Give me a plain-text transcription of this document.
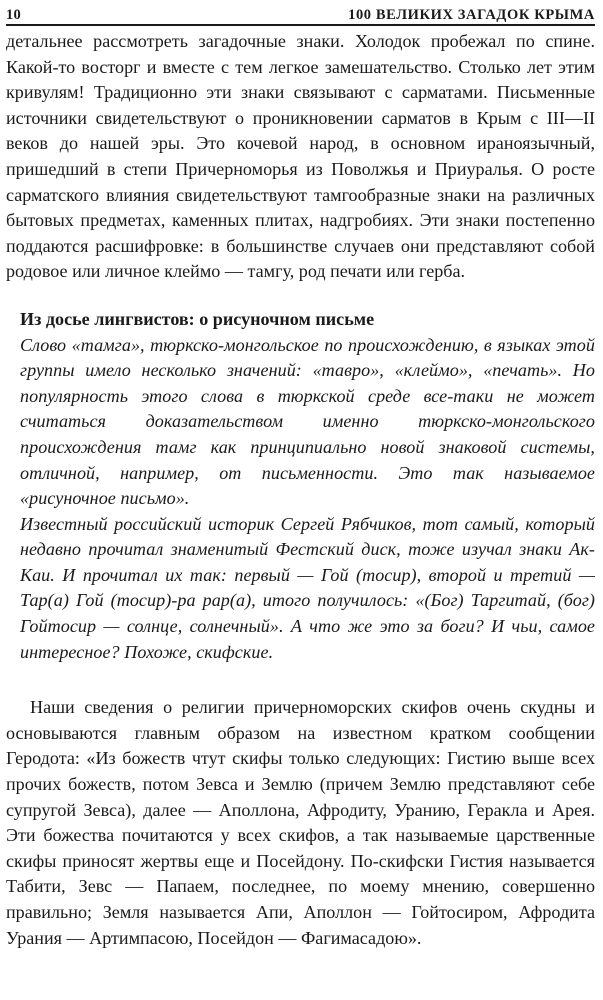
10	100 ВЕЛИКИХ ЗАГАДОК КРЫМА

детальнее рассмотреть загадочные знаки. Холодок пробежал по спине. Какой-то восторг и вместе с тем легкое замешательство. Столько лет этим кривулям! Традиционно эти знаки связывают с сарматами. Письменные источники свидетельствуют о проникновении сарматов в Крым с III—II веков до нашей эры. Это кочевой народ, в основном ираноязычный, пришедший в степи Причерноморья из Поволжья и Приуралья. О росте сарматского влияния свидетельствуют тамгообразные знаки на различных бытовых предметах, каменных плитах, надгробиях. Эти знаки постепенно поддаются расшифровке: в большинстве случаев они представляют собой родовое или личное клеймо — тамгу, род печати или герба.

Из досье лингвистов: о рисуночном письме

Слово «тамга», тюркско-монгольское по происхождению, в языках этой группы имело несколько значений: «тавро», «клеймо», «печать». Но популярность этого слова в тюркской среде все-таки не может считаться доказательством именно тюркско-монгольского происхождения тамг как принципиально новой знаковой системы, отличной, например, от письменности. Это так называемое «рисуночное письмо».

Известный российский историк Сергей Рябчиков, тот самый, который недавно прочитал знаменитый Фестский диск, тоже изучал знаки Ак-Каи. И прочитал их так: первый — Гой (тосир), второй и третий — Тар(а) Гой (тосир)-ра рар(а), итого получилось: «(Бог) Таргитай, (бог) Гойтосир — солнце, солнечный». А что же это за боги? И чьи, самое интересное? Похоже, скифские.

Наши сведения о религии причерноморских скифов очень скудны и основываются главным образом на известном кратком сообщении Геродота: «Из божеств чтут скифы только следующих: Гистию выше всех прочих божеств, потом Зевса и Землю (причем Землю представляют себе супругой Зевса), далее — Аполлона, Афродиту, Уранию, Геракла и Арея. Эти божества почитаются у всех скифов, а так называемые царственные скифы приносят жертвы еще и Посейдону. По-скифски Гистия называется Табити, Зевс — Папаем, последнее, по моему мнению, совершенно правильно; Земля называется Апи, Аполлон — Гойтосиром, Афродита Урания — Артимпасою, Посейдон — Фагимасадою».
